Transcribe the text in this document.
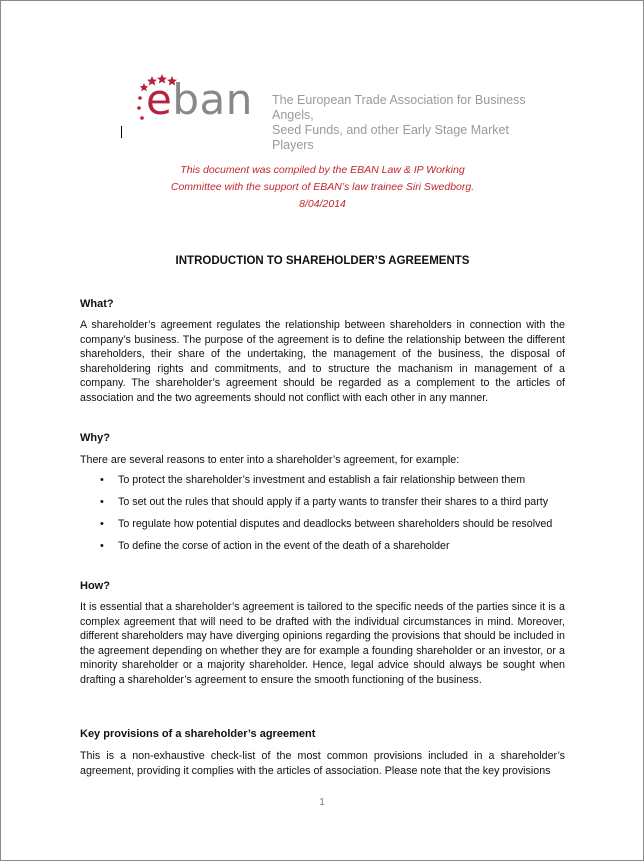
eban The European Trade Association for Business Angels,
Seed Funds, and other Early Stage Market Players
This document was compiled by the EBAN Law & IP Working
Committee with the support of EBAN’s law trainee Siri Swedborg.
8/04/2014
INTRODUCTION TO SHAREHOLDER’S AGREEMENTS
What?

A shareholder’s agreement regulates the relationship between shareholders in connection with the company’s business. The purpose of the agreement is to define the relationship between the different shareholders, their share of the undertaking, the management of the business, the disposal of shareholdering rights and commitments, and to structure the machanism in management of a company. The shareholder’s agreement should be regarded as a complement to the articles of association and the two agreements should not conflict with each other in any manner.

Why?

There are several reasons to enter into a shareholder’s agreement, for example:

• To protect the shareholder’s investment and establish a fair relationship between them
• To set out the rules that should apply if a party wants to transfer their shares to a third party
• To regulate how potential disputes and deadlocks between shareholders should be resolved
• To define the corse of action in the event of the death of a shareholder
How?

It is essential that a shareholder’s agreement is tailored to the specific needs of the parties since it is a complex agreement that will need to be drafted with the individual circumstances in mind. Moreover, different shareholders may have diverging opinions regarding the provisions that should be included in the agreement depending on whether they are for example a founding shareholder or an investor, or a minority shareholder or a majority shareholder. Hence, legal advice should always be sought when drafting a shareholder’s agreement to ensure the smooth functioning of the business.

Key provisions of a shareholder’s agreement

This is a non-exhaustive check-list of the most common provisions included in a shareholder’s agreement, providing it complies with the articles of association. Please note that the key provisions

1
